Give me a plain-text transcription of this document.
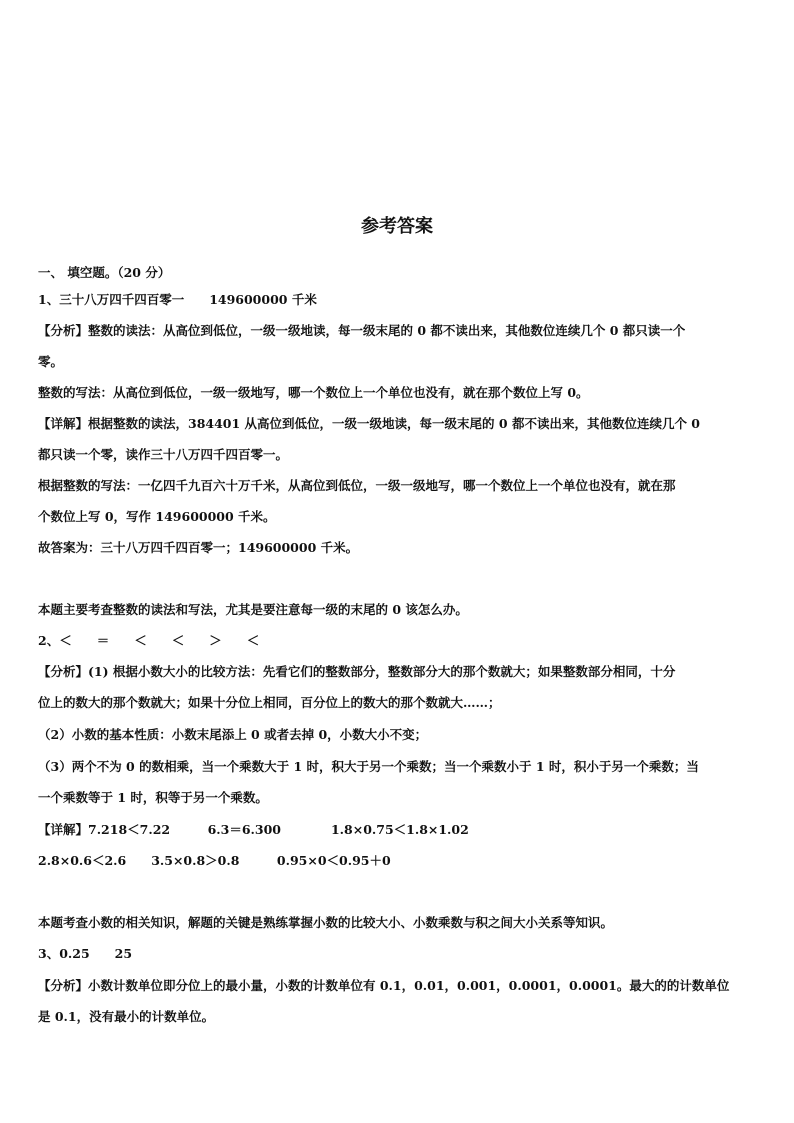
参考答案
一、 填空题。（20 分）
1、三十八万四千四百零一　　149600000 千米
【分析】整数的读法：从高位到低位，一级一级地读，每一级末尾的 0 都不读出来，其他数位连续几个 0 都只读一个
零。
整数的写法：从高位到低位，一级一级地写，哪一个数位上一个单位也没有，就在那个数位上写 0。
【详解】根据整数的读法，384401 从高位到低位，一级一级地读，每一级末尾的 0 都不读出来，其他数位连续几个 0
都只读一个零，读作三十八万四千四百零一。
根据整数的写法：一亿四千九百六十万千米，从高位到低位，一级一级地写，哪一个数位上一个单位也没有，就在那
个数位上写 0，写作 149600000 千米。
故答案为：三十八万四千四百零一；149600000 千米。
本题主要考查整数的读法和写法，尤其是要注意每一级的末尾的 0 该怎么办。
2、＜　　＝　　＜　　＜　　＞　　＜
【分析】(1) 根据小数大小的比较方法：先看它们的整数部分，整数部分大的那个数就大；如果整数部分相同，十分
位上的数大的那个数就大；如果十分位上相同，百分位上的数大的那个数就大……；
（2）小数的基本性质：小数末尾添上 0 或者去掉 0，小数大小不变；
（3）两个不为 0 的数相乘，当一个乘数大于 1 时，积大于另一个乘数；当一个乘数小于 1 时，积小于另一个乘数；当
一个乘数等于 1 时，积等于另一个乘数。
【详解】7.218＜7.22　　　6.3＝6.300　　　　1.8×0.75＜1.8×1.02
2.8×0.6＜2.6　　3.5×0.8＞0.8　　　0.95×0＜0.95＋0
本题考查小数的相关知识，解题的关键是熟练掌握小数的比较大小、小数乘数与积之间大小关系等知识。
3、0.25　　25
【分析】小数计数单位即分位上的最小量，小数的计数单位有 0.1，0.01，0.001，0.0001，0.0001。最大的的计数单位
是 0.1，没有最小的计数单位。
